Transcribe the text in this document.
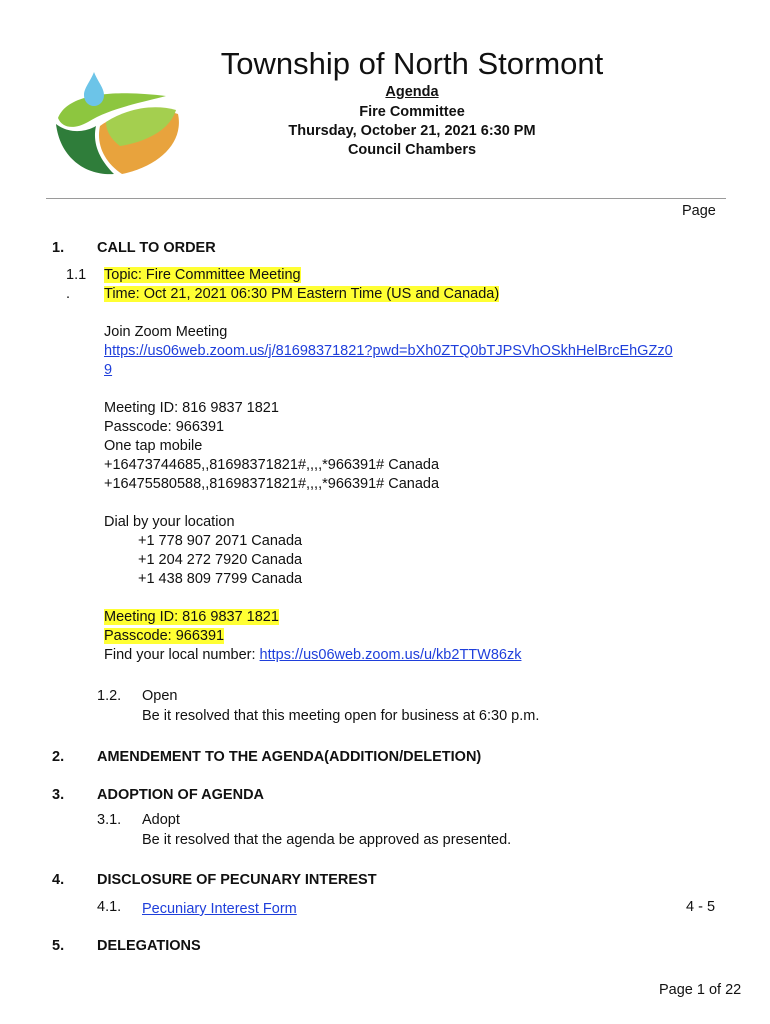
Township of North Stormont
Agenda
Fire Committee
Thursday, October 21, 2021 6:30 PM
Council Chambers
Page
1. CALL TO ORDER
1.1
.
Topic: Fire Committee Meeting
Time: Oct 21, 2021 06:30 PM Eastern Time (US and Canada)
Join Zoom Meeting
https://us06web.zoom.us/j/81698371821?pwd=bXh0ZTQ0bTJPSVhOSkhHelBrcEhGZz0
9
Meeting ID: 816 9837 1821
Passcode: 966391
One tap mobile
+16473744685,,81698371821#,,,,*966391# Canada
+16475580588,,81698371821#,,,,*966391# Canada
Dial by your location
+1 778 907 2071 Canada
+1 204 272 7920 Canada
+1 438 809 7799 Canada
Meeting ID: 816 9837 1821
Passcode: 966391
Find your local number: https://us06web.zoom.us/u/kb2TTW86zk
1.2. Open
Be it resolved that this meeting open for business at 6:30 p.m.
2. AMENDEMENT TO THE AGENDA(ADDITION/DELETION)
3. ADOPTION OF AGENDA
3.1. Adopt
Be it resolved that the agenda be approved as presented.
4. DISCLOSURE OF PECUNARY INTEREST
4.1. Pecuniary Interest Form	4 - 5
5. DELEGATIONS
Page 1 of 22
